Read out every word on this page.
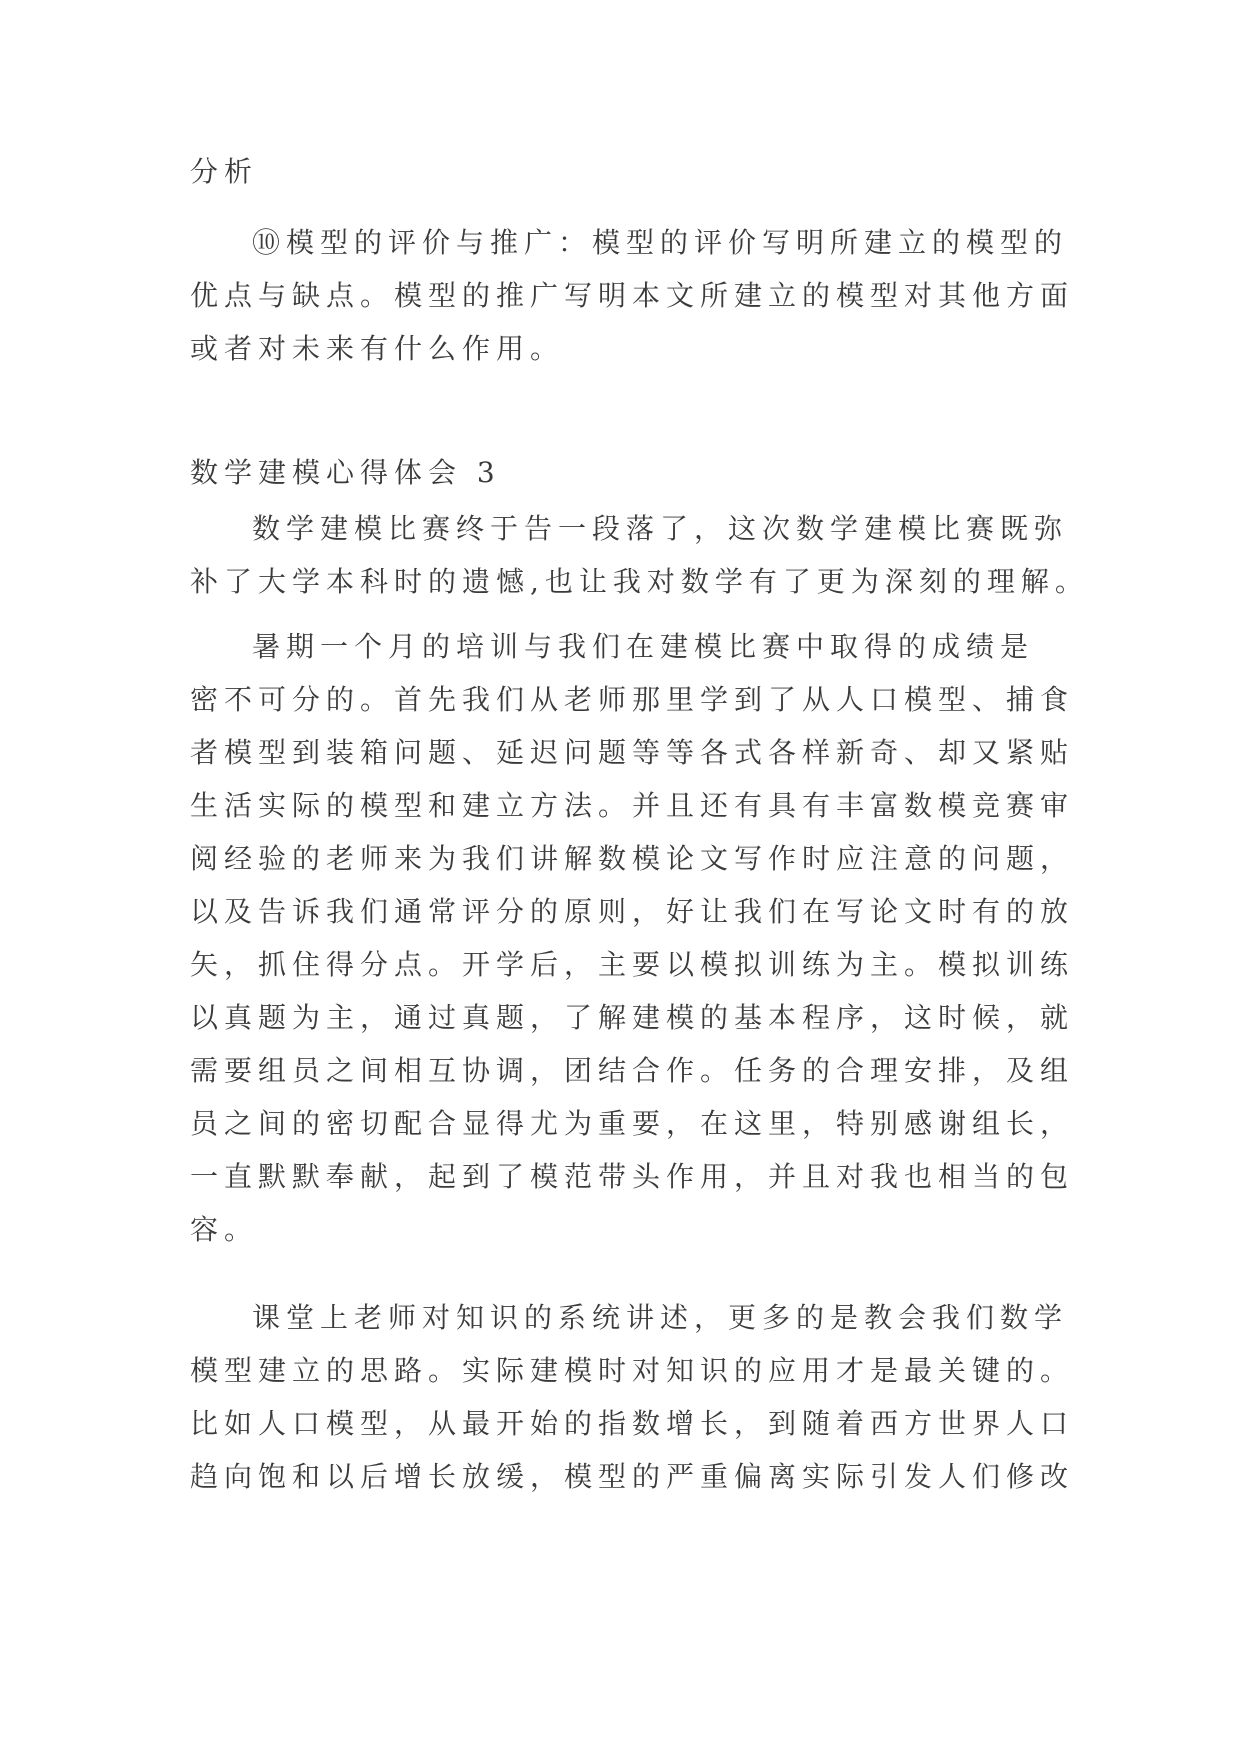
分析
⑩模型的评价与推广：模型的评价写明所建立的模型的
优点与缺点。模型的推广写明本文所建立的模型对其他方面
或者对未来有什么作用。
数学建模心得体会 3
数学建模比赛终于告一段落了，这次数学建模比赛既弥
补了大学本科时的遗憾,也让我对数学有了更为深刻的理解。
暑期一个月的培训与我们在建模比赛中取得的成绩是
密不可分的。首先我们从老师那里学到了从人口模型、捕食
者模型到装箱问题、延迟问题等等各式各样新奇、却又紧贴
生活实际的模型和建立方法。并且还有具有丰富数模竞赛审
阅经验的老师来为我们讲解数模论文写作时应注意的问题，
以及告诉我们通常评分的原则，好让我们在写论文时有的放
矢，抓住得分点。开学后，主要以模拟训练为主。模拟训练
以真题为主，通过真题，了解建模的基本程序，这时候，就
需要组员之间相互协调，团结合作。任务的合理安排，及组
员之间的密切配合显得尤为重要，在这里，特别感谢组长，
一直默默奉献，起到了模范带头作用，并且对我也相当的包
容。
课堂上老师对知识的系统讲述，更多的是教会我们数学
模型建立的思路。实际建模时对知识的应用才是最关键的。
比如人口模型，从最开始的指数增长，到随着西方世界人口
趋向饱和以后增长放缓，模型的严重偏离实际引发人们修改
